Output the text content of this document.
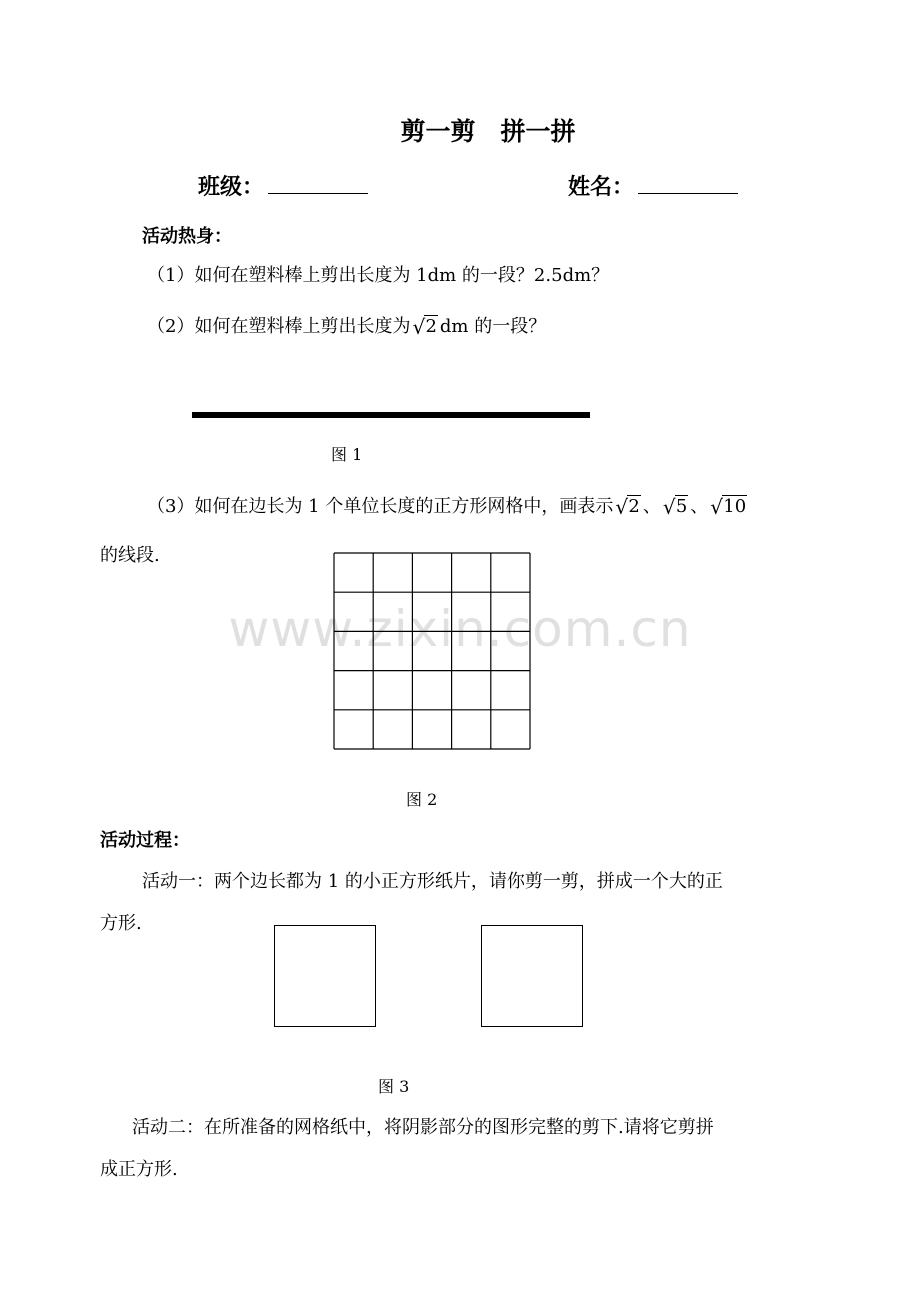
剪一剪　拼一拼
班级：	姓名：
活动热身：
（1）如何在塑料棒上剪出长度为 1dm 的一段？2.5dm？
（2）如何在塑料棒上剪出长度为 √ 2 dm 的一段？
图 1
（3）如何在边长为 1 个单位长度的正方形网格中，画表示 √ 2 、 √ 5 、 √ 10
的线段.
图 2
www.zixin.com.cn
活动过程：
活动一：两个边长都为 1 的小正方形纸片，请你剪一剪，拼成一个大的正
方形.
图 3
活动二：在所准备的网格纸中，将阴影部分的图形完整的剪下.请将它剪拼
成正方形.
